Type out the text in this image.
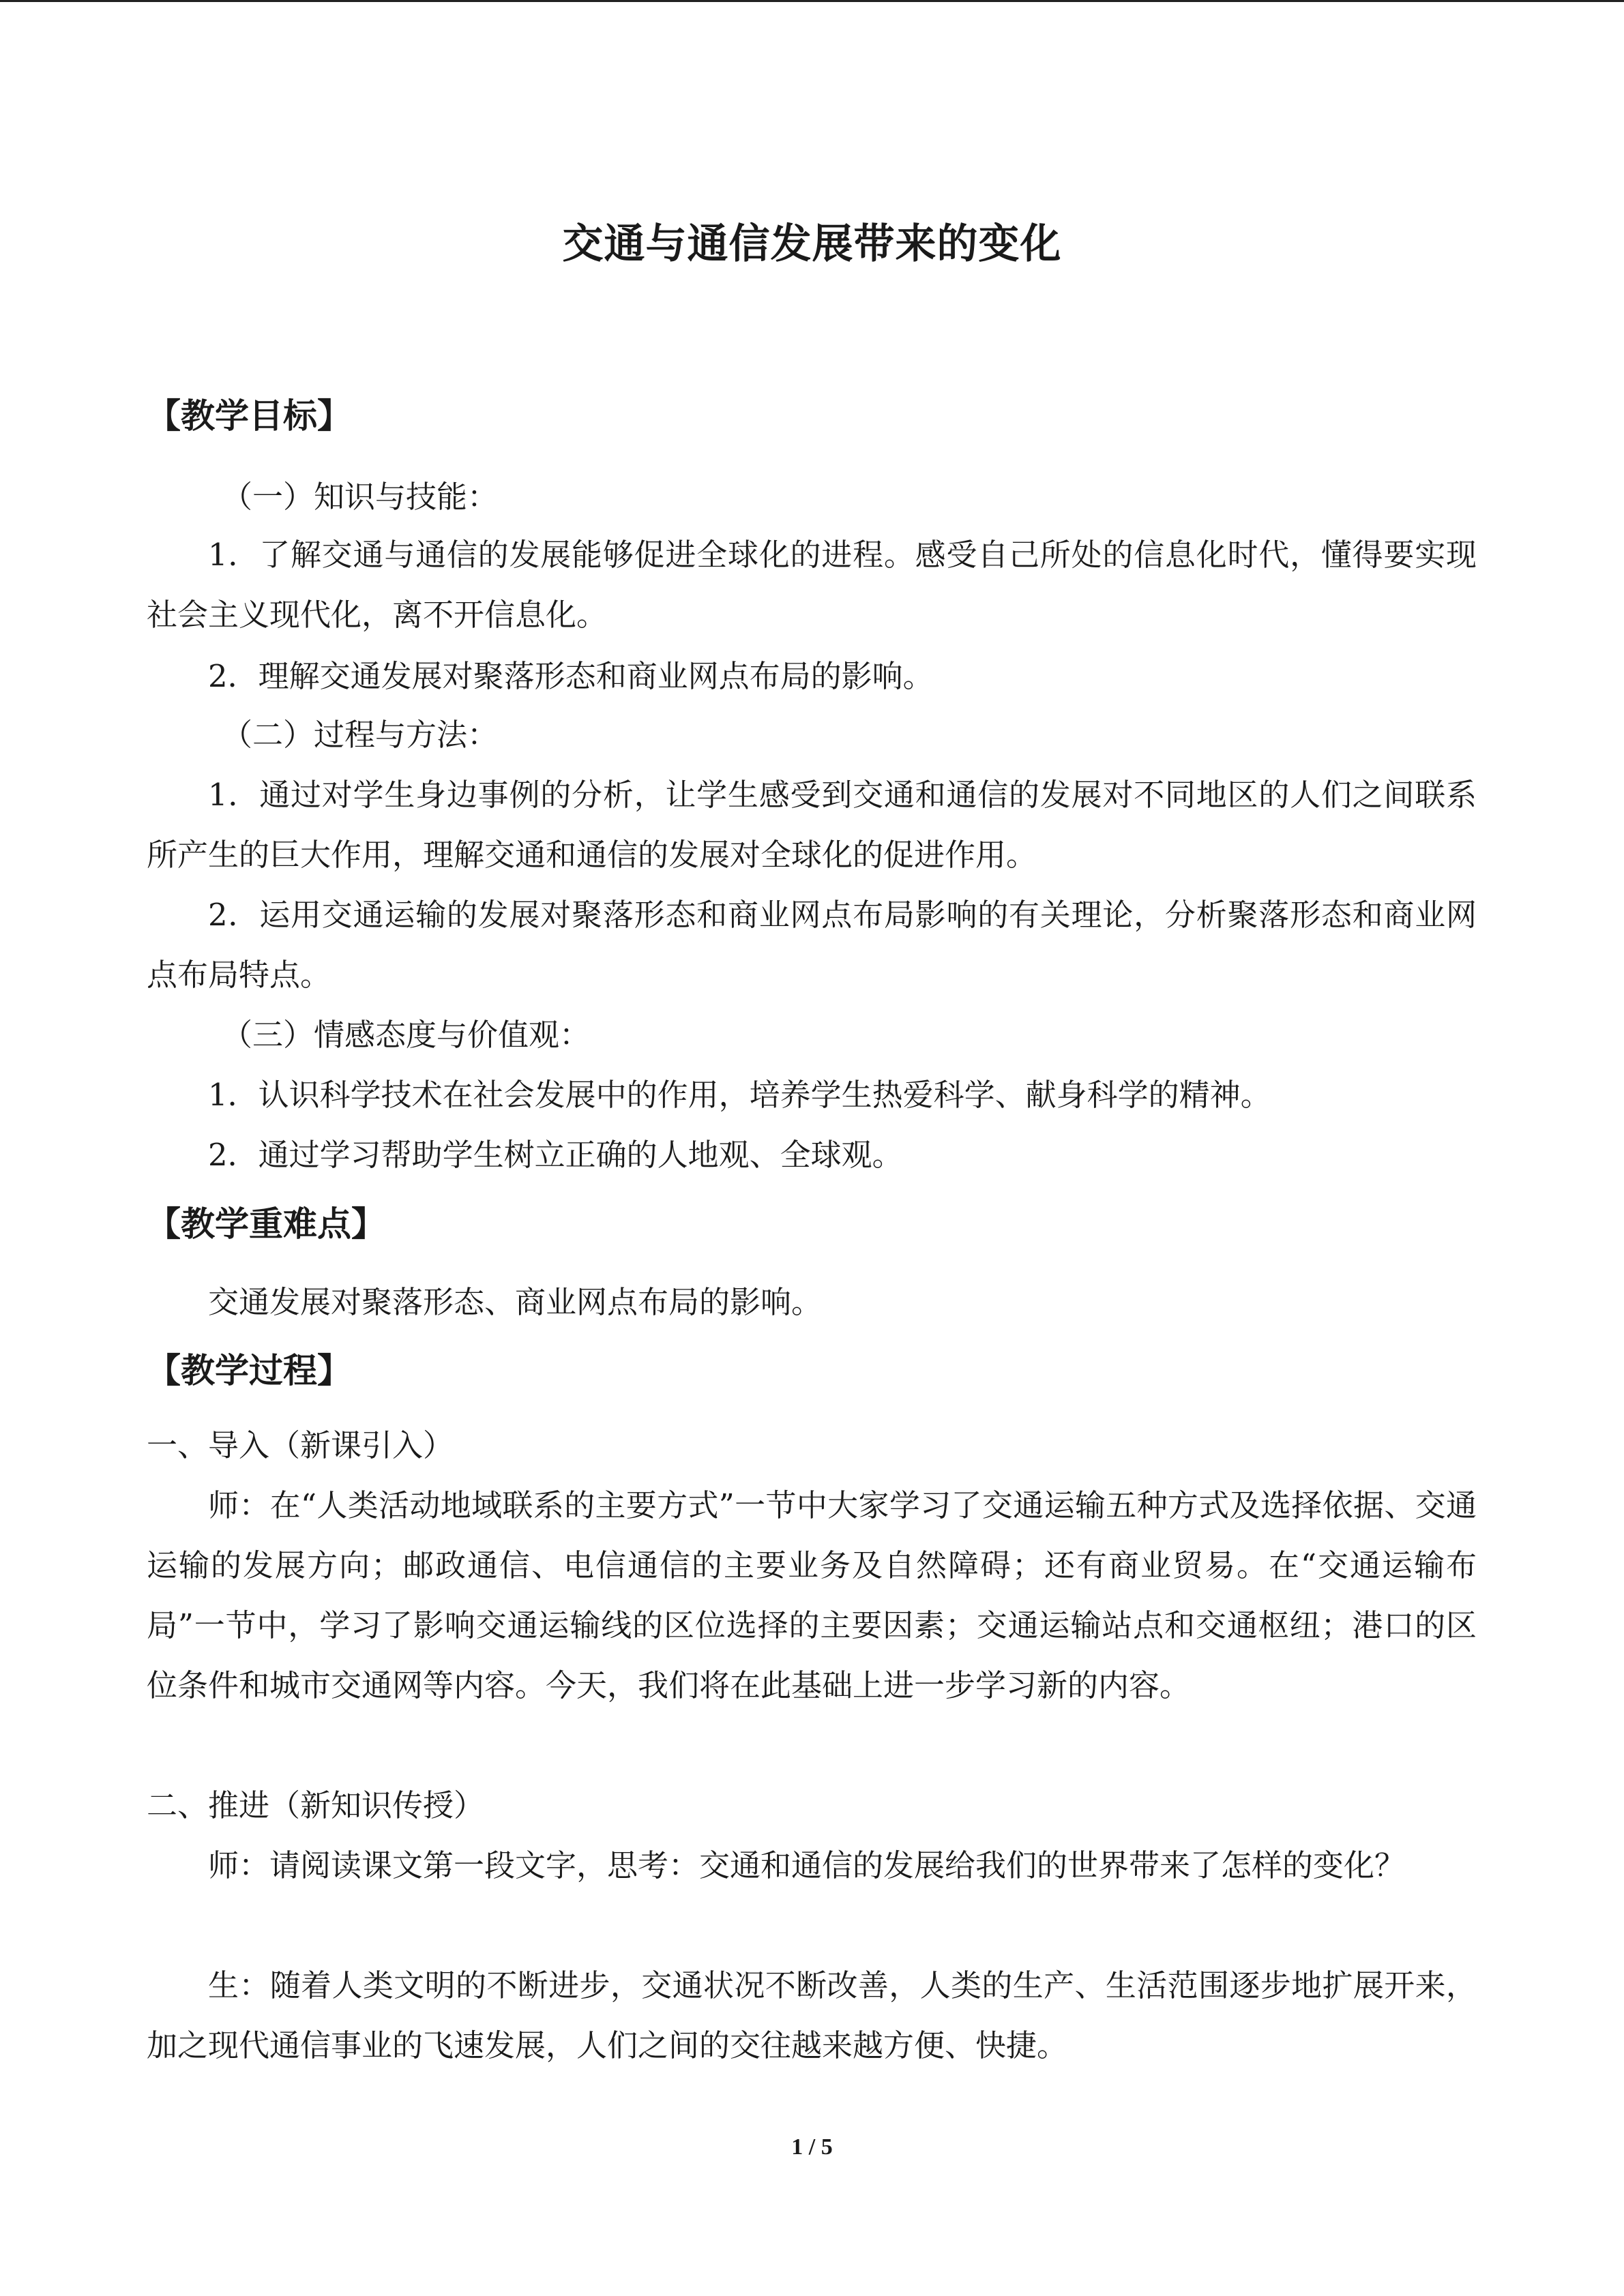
交通与通信发展带来的变化
【教学目标】
（一）知识与技能：
1．了解交通与通信的发展能够促进全球化的进程。感受自己所处的信息化时代，懂得要实现社会主义现代化，离不开信息化。
2．理解交通发展对聚落形态和商业网点布局的影响。
（二）过程与方法：
1．通过对学生身边事例的分析，让学生感受到交通和通信的发展对不同地区的人们之间联系所产生的巨大作用，理解交通和通信的发展对全球化的促进作用。
2．运用交通运输的发展对聚落形态和商业网点布局影响的有关理论，分析聚落形态和商业网点布局特点。
（三）情感态度与价值观：
1．认识科学技术在社会发展中的作用，培养学生热爱科学、献身科学的精神。
2．通过学习帮助学生树立正确的人地观、全球观。
【教学重难点】
交通发展对聚落形态、商业网点布局的影响。
【教学过程】
一、导入（新课引入）
师：在“人类活动地域联系的主要方式”一节中大家学习了交通运输五种方式及选择依据、交通运输的发展方向；邮政通信、电信通信的主要业务及自然障碍；还有商业贸易。在“交通运输布局”一节中，学习了影响交通运输线的区位选择的主要因素；交通运输站点和交通枢纽；港口的区位条件和城市交通网等内容。今天，我们将在此基础上进一步学习新的内容。
二、推进（新知识传授）
师：请阅读课文第一段文字，思考：交通和通信的发展给我们的世界带来了怎样的变化？
生：随着人类文明的不断进步，交通状况不断改善，人类的生产、生活范围逐步地扩展开来，加之现代通信事业的飞速发展，人们之间的交往越来越方便、快捷。
1 / 5
